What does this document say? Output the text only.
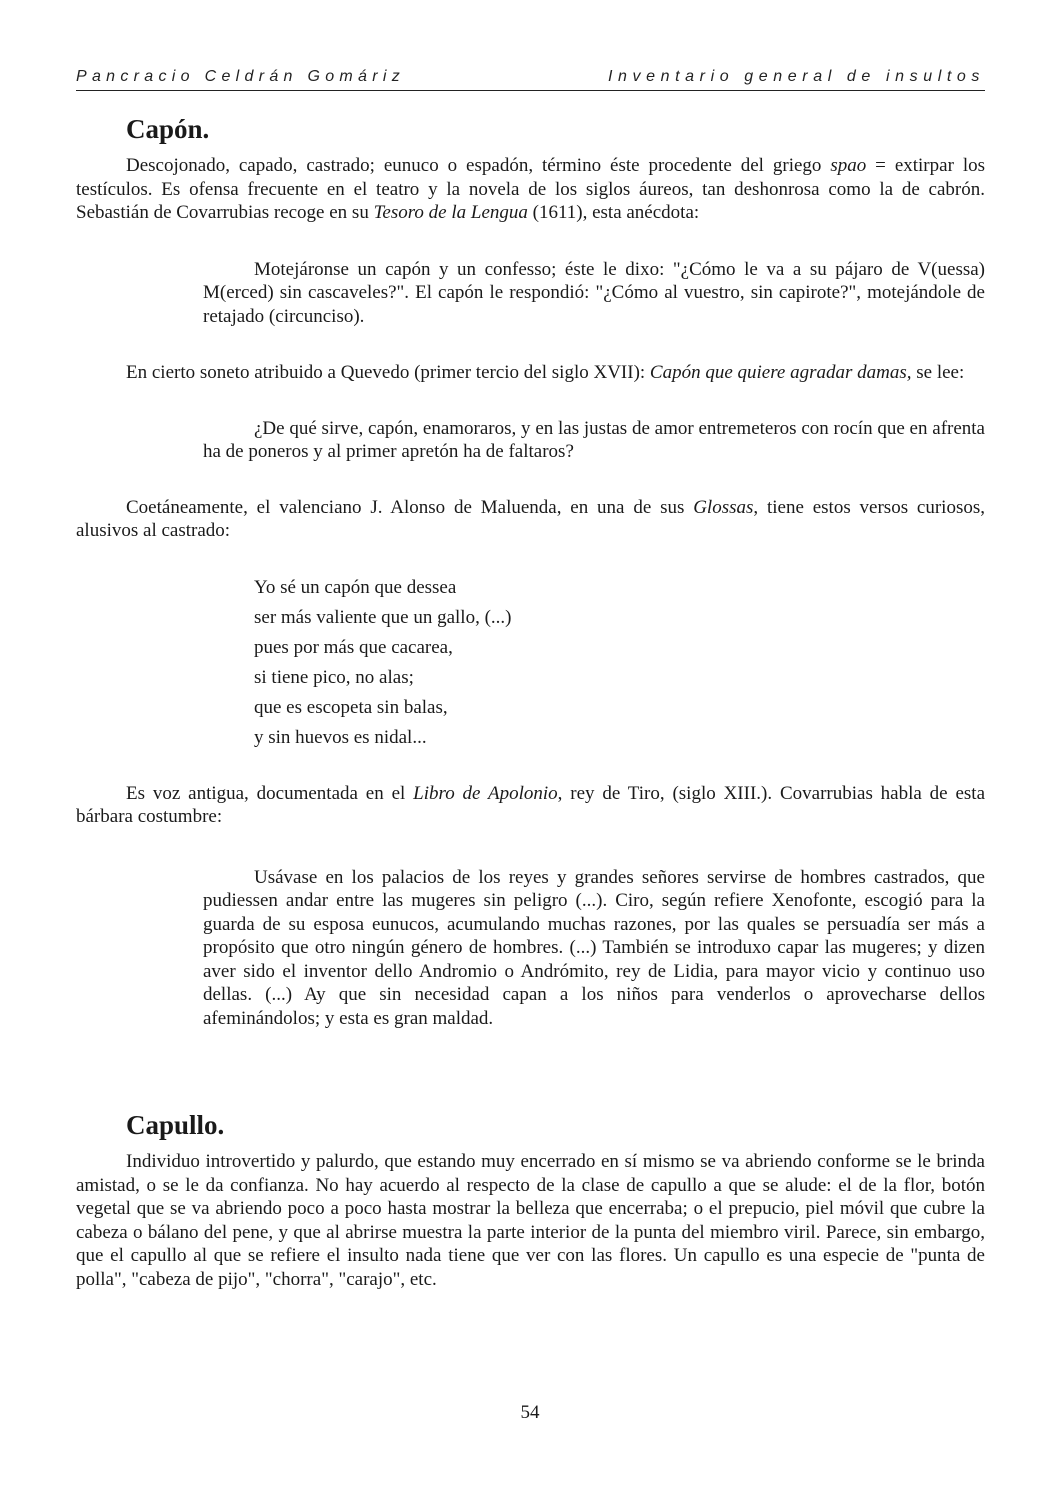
Pancracio Celdrán Gomáriz	Inventario general de insultos
Capón.

Descojonado, capado, castrado; eunuco o espadón, término éste procedente del griego spao = extirpar los testículos. Es ofensa frecuente en el teatro y la novela de los siglos áureos, tan deshonrosa como la de cabrón. Sebastián de Covarrubias recoge en su Tesoro de la Lengua (1611), esta anécdota:

Motejáronse un capón y un confesso; éste le dixo: "¿Cómo le va a su pájaro de V(uessa) M(erced) sin cascaveles?". El capón le respondió: "¿Cómo al vuestro, sin capirote?", motejándole de retajado (circunciso).

En cierto soneto atribuido a Quevedo (primer tercio del siglo XVII): Capón que quiere agradar damas, se lee:

¿De qué sirve, capón, enamoraros, y en las justas de amor entremeteros con rocín que en afrenta ha de poneros y al primer apretón ha de faltaros?

Coetáneamente, el valenciano J. Alonso de Maluenda, en una de sus Glossas, tiene estos versos curiosos, alusivos al castrado:

Yo sé un capón que dessea
ser más valiente que un gallo, (...)
pues por más que cacarea,
si tiene pico, no alas;
que es escopeta sin balas,
y sin huevos es nidal...

Es voz antigua, documentada en el Libro de Apolonio, rey de Tiro, (siglo XIII.). Covarrubias habla de esta bárbara costumbre:

Usávase en los palacios de los reyes y grandes señores servirse de hombres castrados, que pudiessen andar entre las mugeres sin peligro (...). Ciro, según refiere Xenofonte, escogió para la guarda de su esposa eunucos, acumulando muchas razones, por las quales se persuadía ser más a propósito que otro ningún género de hombres. (...) También se introduxo capar las mugeres; y dizen aver sido el inventor dello Andromio o Andrómito, rey de Lidia, para mayor vicio y continuo uso dellas. (...) Ay que sin necesidad capan a los niños para venderlos o aprovecharse dellos afeminándolos; y esta es gran maldad.

Capullo.

Individuo introvertido y palurdo, que estando muy encerrado en sí mismo se va abriendo conforme se le brinda amistad, o se le da confianza. No hay acuerdo al respecto de la clase de capullo a que se alude: el de la flor, botón vegetal que se va abriendo poco a poco hasta mostrar la belleza que encerraba; o el prepucio, piel móvil que cubre la cabeza o bálano del pene, y que al abrirse muestra la parte interior de la punta del miembro viril. Parece, sin embargo, que el capullo al que se refiere el insulto nada tiene que ver con las flores. Un capullo es una especie de "punta de polla", "cabeza de pijo", "chorra", "carajo", etc.

54
